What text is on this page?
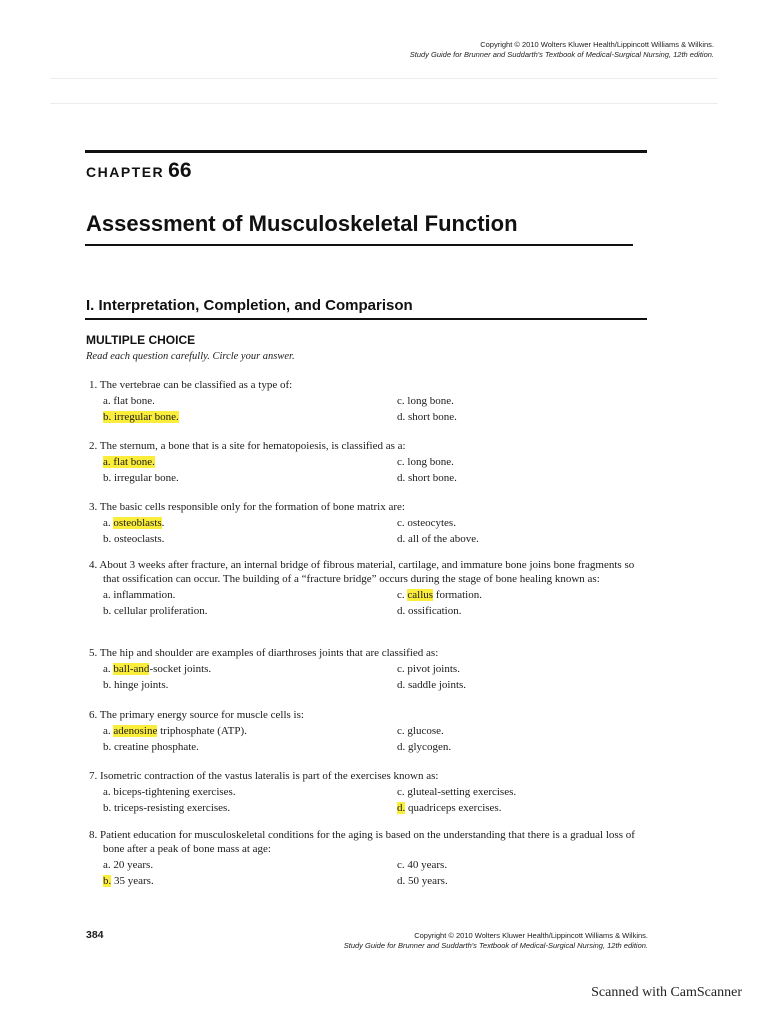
Copyright © 2010 Wolters Kluwer Health/Lippincott Williams & Wilkins.
Study Guide for Brunner and Suddarth's Textbook of Medical-Surgical Nursing, 12th edition.
CHAPTER 66
Assessment of Musculoskeletal Function
I. Interpretation, Completion, and Comparison
MULTIPLE CHOICE
Read each question carefully. Circle your answer.
1. The vertebrae can be classified as a type of:
a. flat bone.	c. long bone.
b. irregular bone.	d. short bone.
2. The sternum, a bone that is a site for hematopoiesis, is classified as a:
a. flat bone.	c. long bone.
b. irregular bone.	d. short bone.
3. The basic cells responsible only for the formation of bone matrix are:
a. osteoblasts.	c. osteocytes.
b. osteoclasts.	d. all of the above.
4. About 3 weeks after fracture, an internal bridge of fibrous material, cartilage, and immature bone joins bone fragments so that ossification can occur. The building of a “fracture bridge” occurs during the stage of bone healing known as:
a. inflammation.	c. callus formation.
b. cellular proliferation.	d. ossification.
5. The hip and shoulder are examples of diarthroses joints that are classified as:
a. ball-and-socket joints.	c. pivot joints.
b. hinge joints.	d. saddle joints.
6. The primary energy source for muscle cells is:
a. adenosine triphosphate (ATP).	c. glucose.
b. creatine phosphate.	d. glycogen.
7. Isometric contraction of the vastus lateralis is part of the exercises known as:
a. biceps-tightening exercises.	c. gluteal-setting exercises.
b. triceps-resisting exercises.	d. quadriceps exercises.
8. Patient education for musculoskeletal conditions for the aging is based on the understanding that there is a gradual loss of bone after a peak of bone mass at age:
a. 20 years.	c. 40 years.
b. 35 years.	d. 50 years.
384	Copyright © 2010 Wolters Kluwer Health/Lippincott Williams & Wilkins.
Study Guide for Brunner and Suddarth's Textbook of Medical-Surgical Nursing, 12th edition.
Scanned with CamScanner
